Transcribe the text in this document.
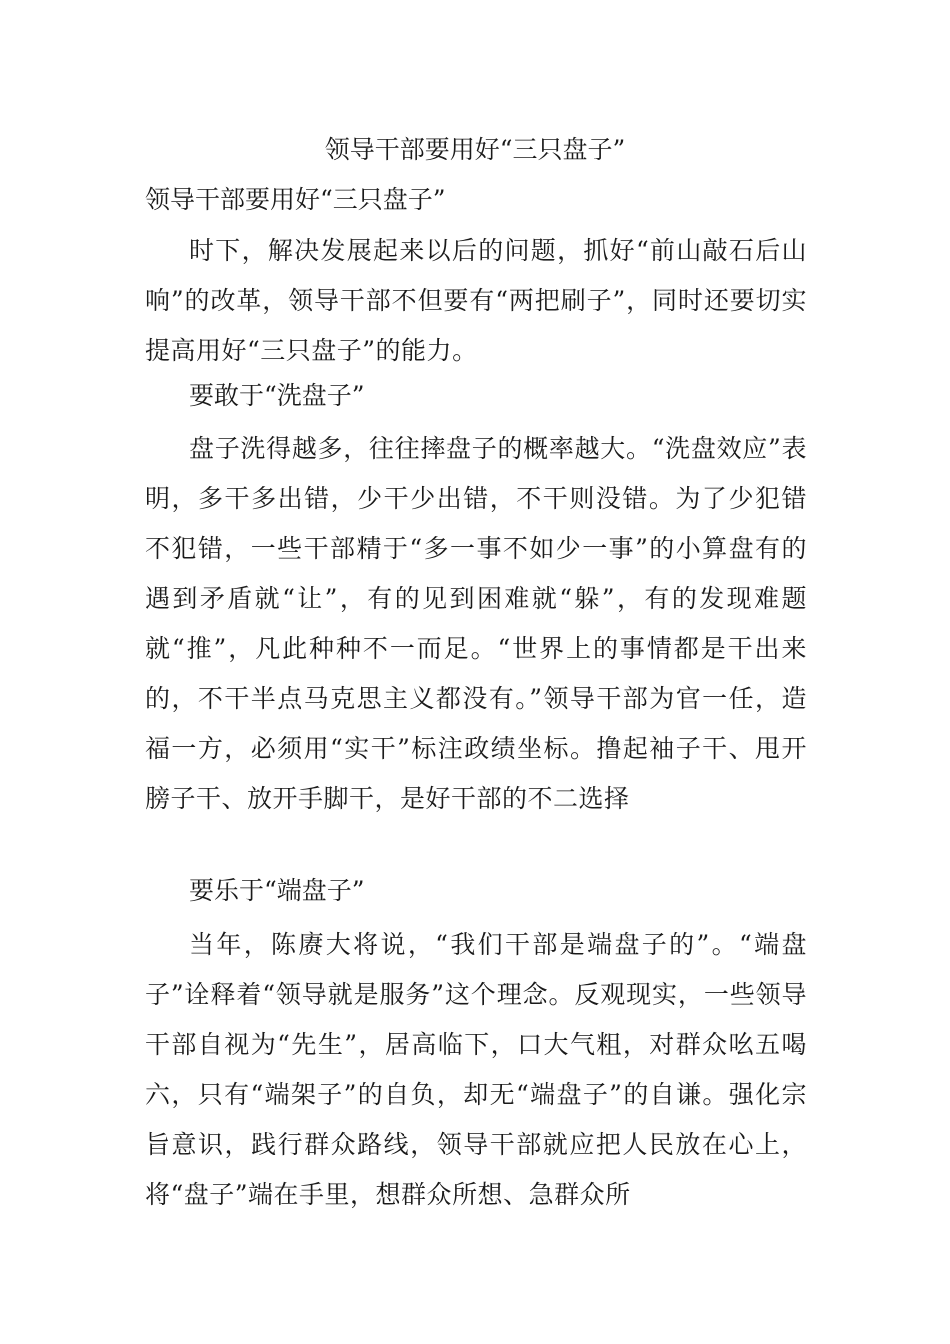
领导干部要用好“三只盘子”

领导干部要用好“三只盘子”

时下，解决发展起来以后的问题，抓好“前山敲石后山响”的改革，领导干部不但要有“两把刷子”，同时还要切实提高用好“三只盘子”的能力。

要敢于“洗盘子”

盘子洗得越多，往往摔盘子的概率越大。“洗盘效应”表明，多干多出错，少干少出错，不干则没错。为了少犯错不犯错，一些干部精于“多一事不如少一事”的小算盘有的遇到矛盾就“让”，有的见到困难就“躲”，有的发现难题就“推”，凡此种种不一而足。“世界上的事情都是干出来的，不干半点马克思主义都没有。”领导干部为官一任，造福一方，必须用“实干”标注政绩坐标。撸起袖子干、甩开膀子干、放开手脚干，是好干部的不二选择

要乐于“端盘子”

当年，陈赓大将说，“我们干部是端盘子的”。“端盘子”诠释着“领导就是服务”这个理念。反观现实，一些领导干部自视为“先生”，居高临下，口大气粗，对群众吆五喝六，只有“端架子”的自负，却无“端盘子”的自谦。强化宗旨意识，践行群众路线，领导干部就应把人民放在心上，将“盘子”端在手里，想群众所想、急群众所
